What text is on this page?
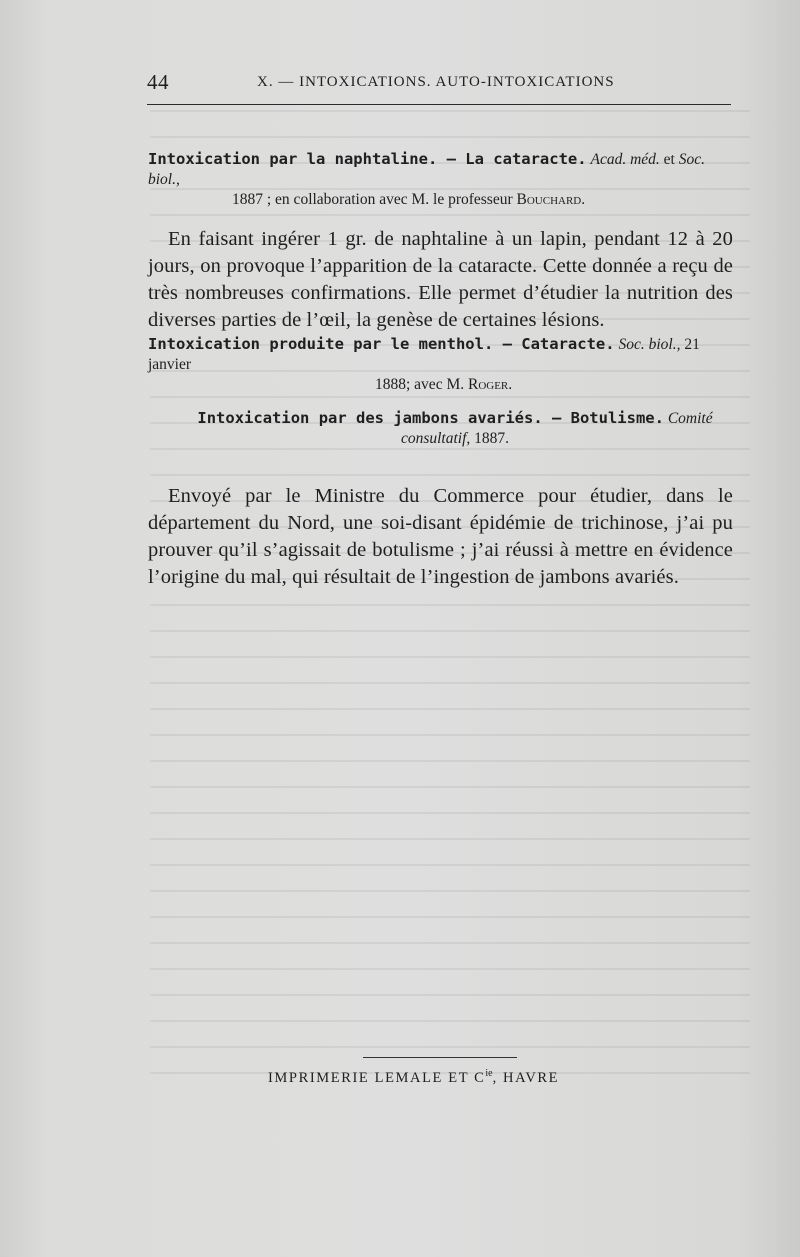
44	X. — INTOXICATIONS. AUTO-INTOXICATIONS
Intoxication par la naphtaline. — La cataracte. Acad. méd. et Soc. biol.,
1887 ; en collaboration avec M. le professeur Bouchard.

En faisant ingérer 1 gr. de naphtaline à un lapin, pendant 12 à 20 jours, on provoque l’apparition de la cataracte. Cette donnée a reçu de très nombreuses confirmations. Elle permet d’étudier la nutrition des diverses parties de l’œil, la genèse de certaines lésions.

Intoxication produite par le menthol. — Cataracte. Soc. biol., 21 janvier
1888; avec M. Roger.
Intoxication par des jambons avariés. — Botulisme. Comité
consultatif, 1887.

Envoyé par le Ministre du Commerce pour étudier, dans le département du Nord, une soi-disant épidémie de trichinose, j’ai pu prouver qu’il s’agissait de botulisme ; j’ai réussi à mettre en évidence l’origine du mal, qui résultait de l’ingestion de jambons avariés.

IMPRIMERIE LEMALE ET $C^{ie}$, HAVRE
